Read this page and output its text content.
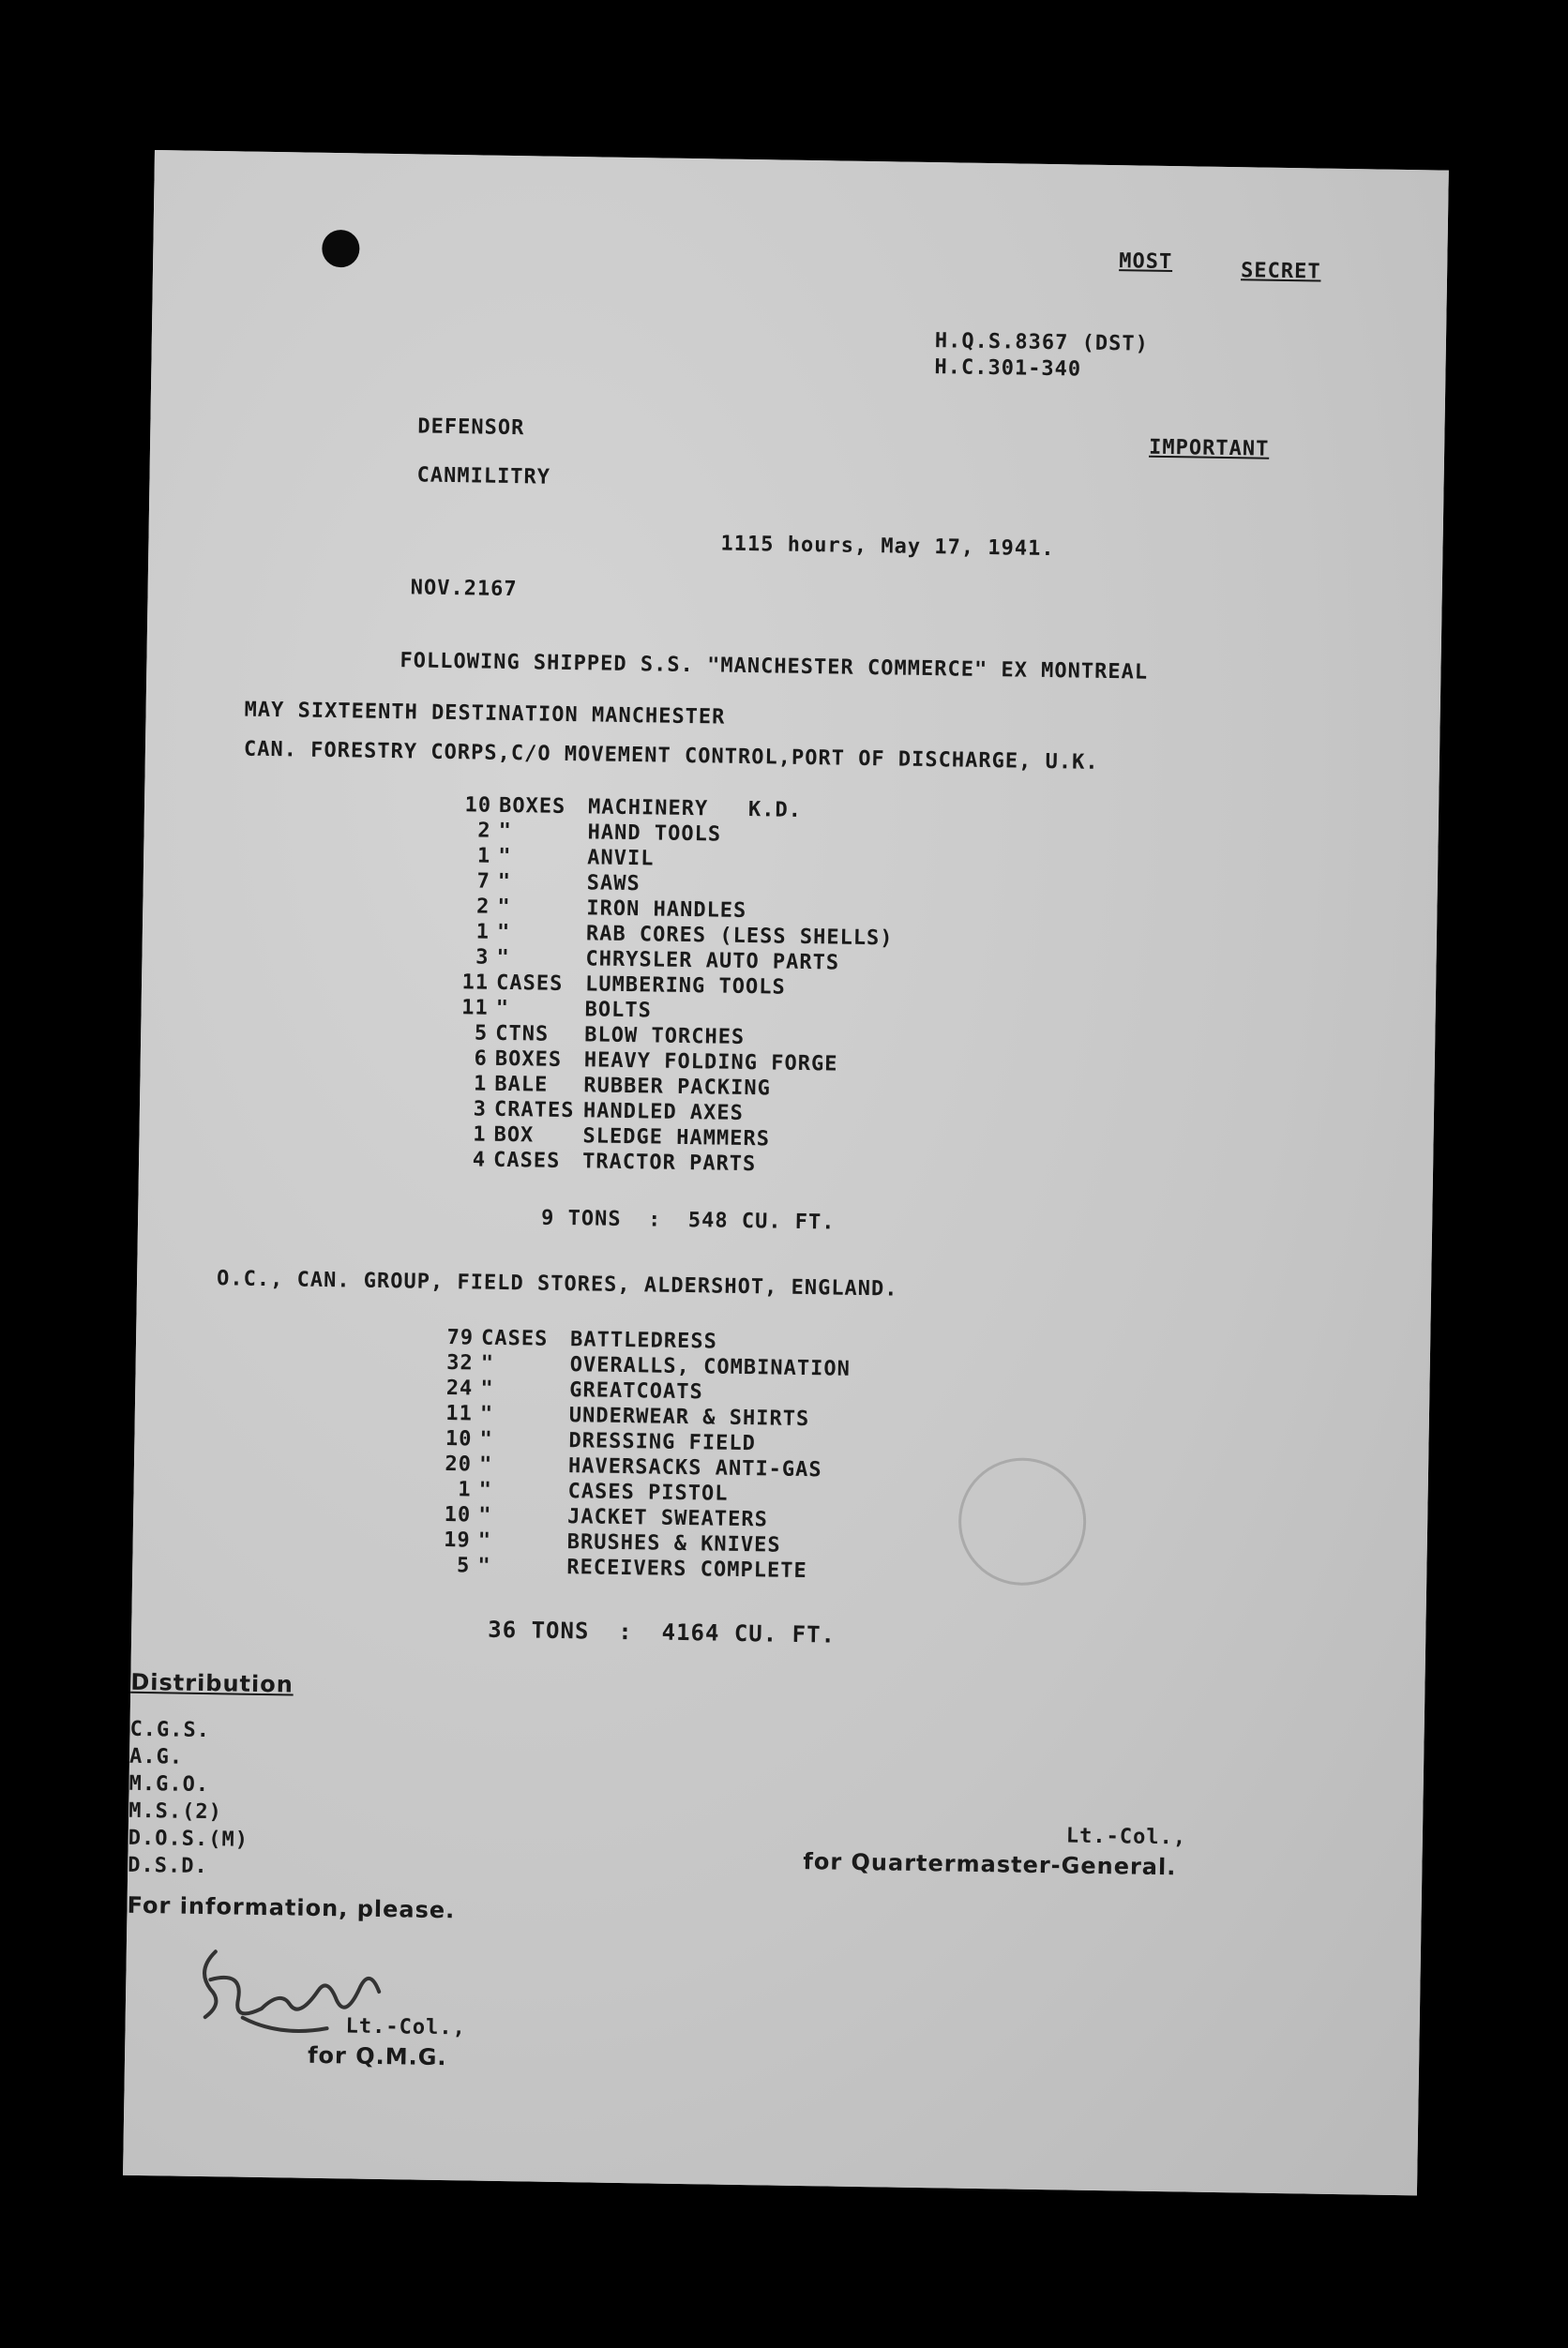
MOST	SECRET
H.Q.S.8367 (DST)
H.C.301-340
DEFENSOR
IMPORTANT
CANMILITRY
1115 hours, May 17, 1941.
NOV.2167
FOLLOWING SHIPPED S.S. "MANCHESTER COMMERCE" EX MONTREAL
MAY SIXTEENTH DESTINATION MANCHESTER
CAN. FORESTRY CORPS,C/O MOVEMENT CONTROL,PORT OF DISCHARGE, U.K.
10 BOXES MACHINERY   K.D.
2 "	HAND TOOLS
1 "	ANVIL
7 "	SAWS
2 "	IRON HANDLES
1 "	RAB CORES (LESS SHELLS)
3 "	CHRYSLER AUTO PARTS
11 CASES LUMBERING TOOLS
11 "	BOLTS
5 CTNS BLOW TORCHES
6 BOXES HEAVY FOLDING FORGE
1 BALE RUBBER PACKING
3 CRATES HANDLED AXES
1 BOX SLEDGE HAMMERS
4 CASES TRACTOR PARTS
9 TONS  :  548 CU. FT.
O.C., CAN. GROUP, FIELD STORES, ALDERSHOT, ENGLAND.
79 CASES BATTLEDRESS
32 "	OVERALLS, COMBINATION
24 "	GREATCOATS
11 "	UNDERWEAR & SHIRTS
10 "	DRESSING FIELD
20 "	HAVERSACKS ANTI-GAS
1 "	CASES PISTOL
10 "	JACKET SWEATERS
19 "	BRUSHES & KNIVES
5 "	RECEIVERS COMPLETE
36 TONS  :  4164 CU. FT.
Distribution
C.G.S.
A.G.
M.G.O.
M.S.(2)
D.O.S.(M)
D.S.D.
Lt.-Col.,
for Quartermaster-General.
For information, please.
Lt.-Col.,
for Q.M.G.
